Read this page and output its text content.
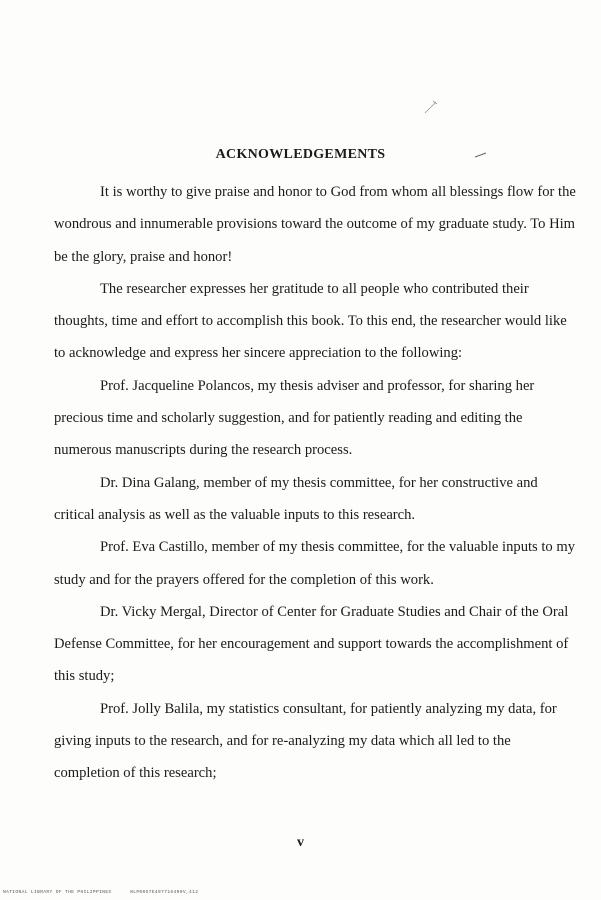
ACKNOWLEDGEMENTS

It is worthy to give praise and honor to God from whom all blessings flow for the wondrous and innumerable provisions toward the outcome of my graduate study. To Him be the glory, praise and honor!

The researcher expresses her gratitude to all people who contributed their thoughts, time and effort to accomplish this book. To this end, the researcher would like to acknowledge and express her sincere appreciation to the following:

Prof. Jacqueline Polancos, my thesis adviser and professor, for sharing her precious time and scholarly suggestion, and for patiently reading and editing the numerous manuscripts during the research process.

Dr. Dina Galang, member of my thesis committee, for her constructive and critical analysis as well as the valuable inputs to this research.

Prof. Eva Castillo, member of my thesis committee, for the valuable inputs to my study and for the prayers offered for the completion of this work.

Dr. Vicky Mergal, Director of Center for Graduate Studies and Chair of the Oral Defense Committee, for her encouragement and support towards the accomplishment of this study;

Prof. Jolly Balila, my statistics consultant, for patiently analyzing my data, for giving inputs to the research, and for re-analyzing my data which all led to the completion of this research;

v
NATIONAL LIBRARY OF THE PHILIPPINES	NLP00S7E407716400V,412
